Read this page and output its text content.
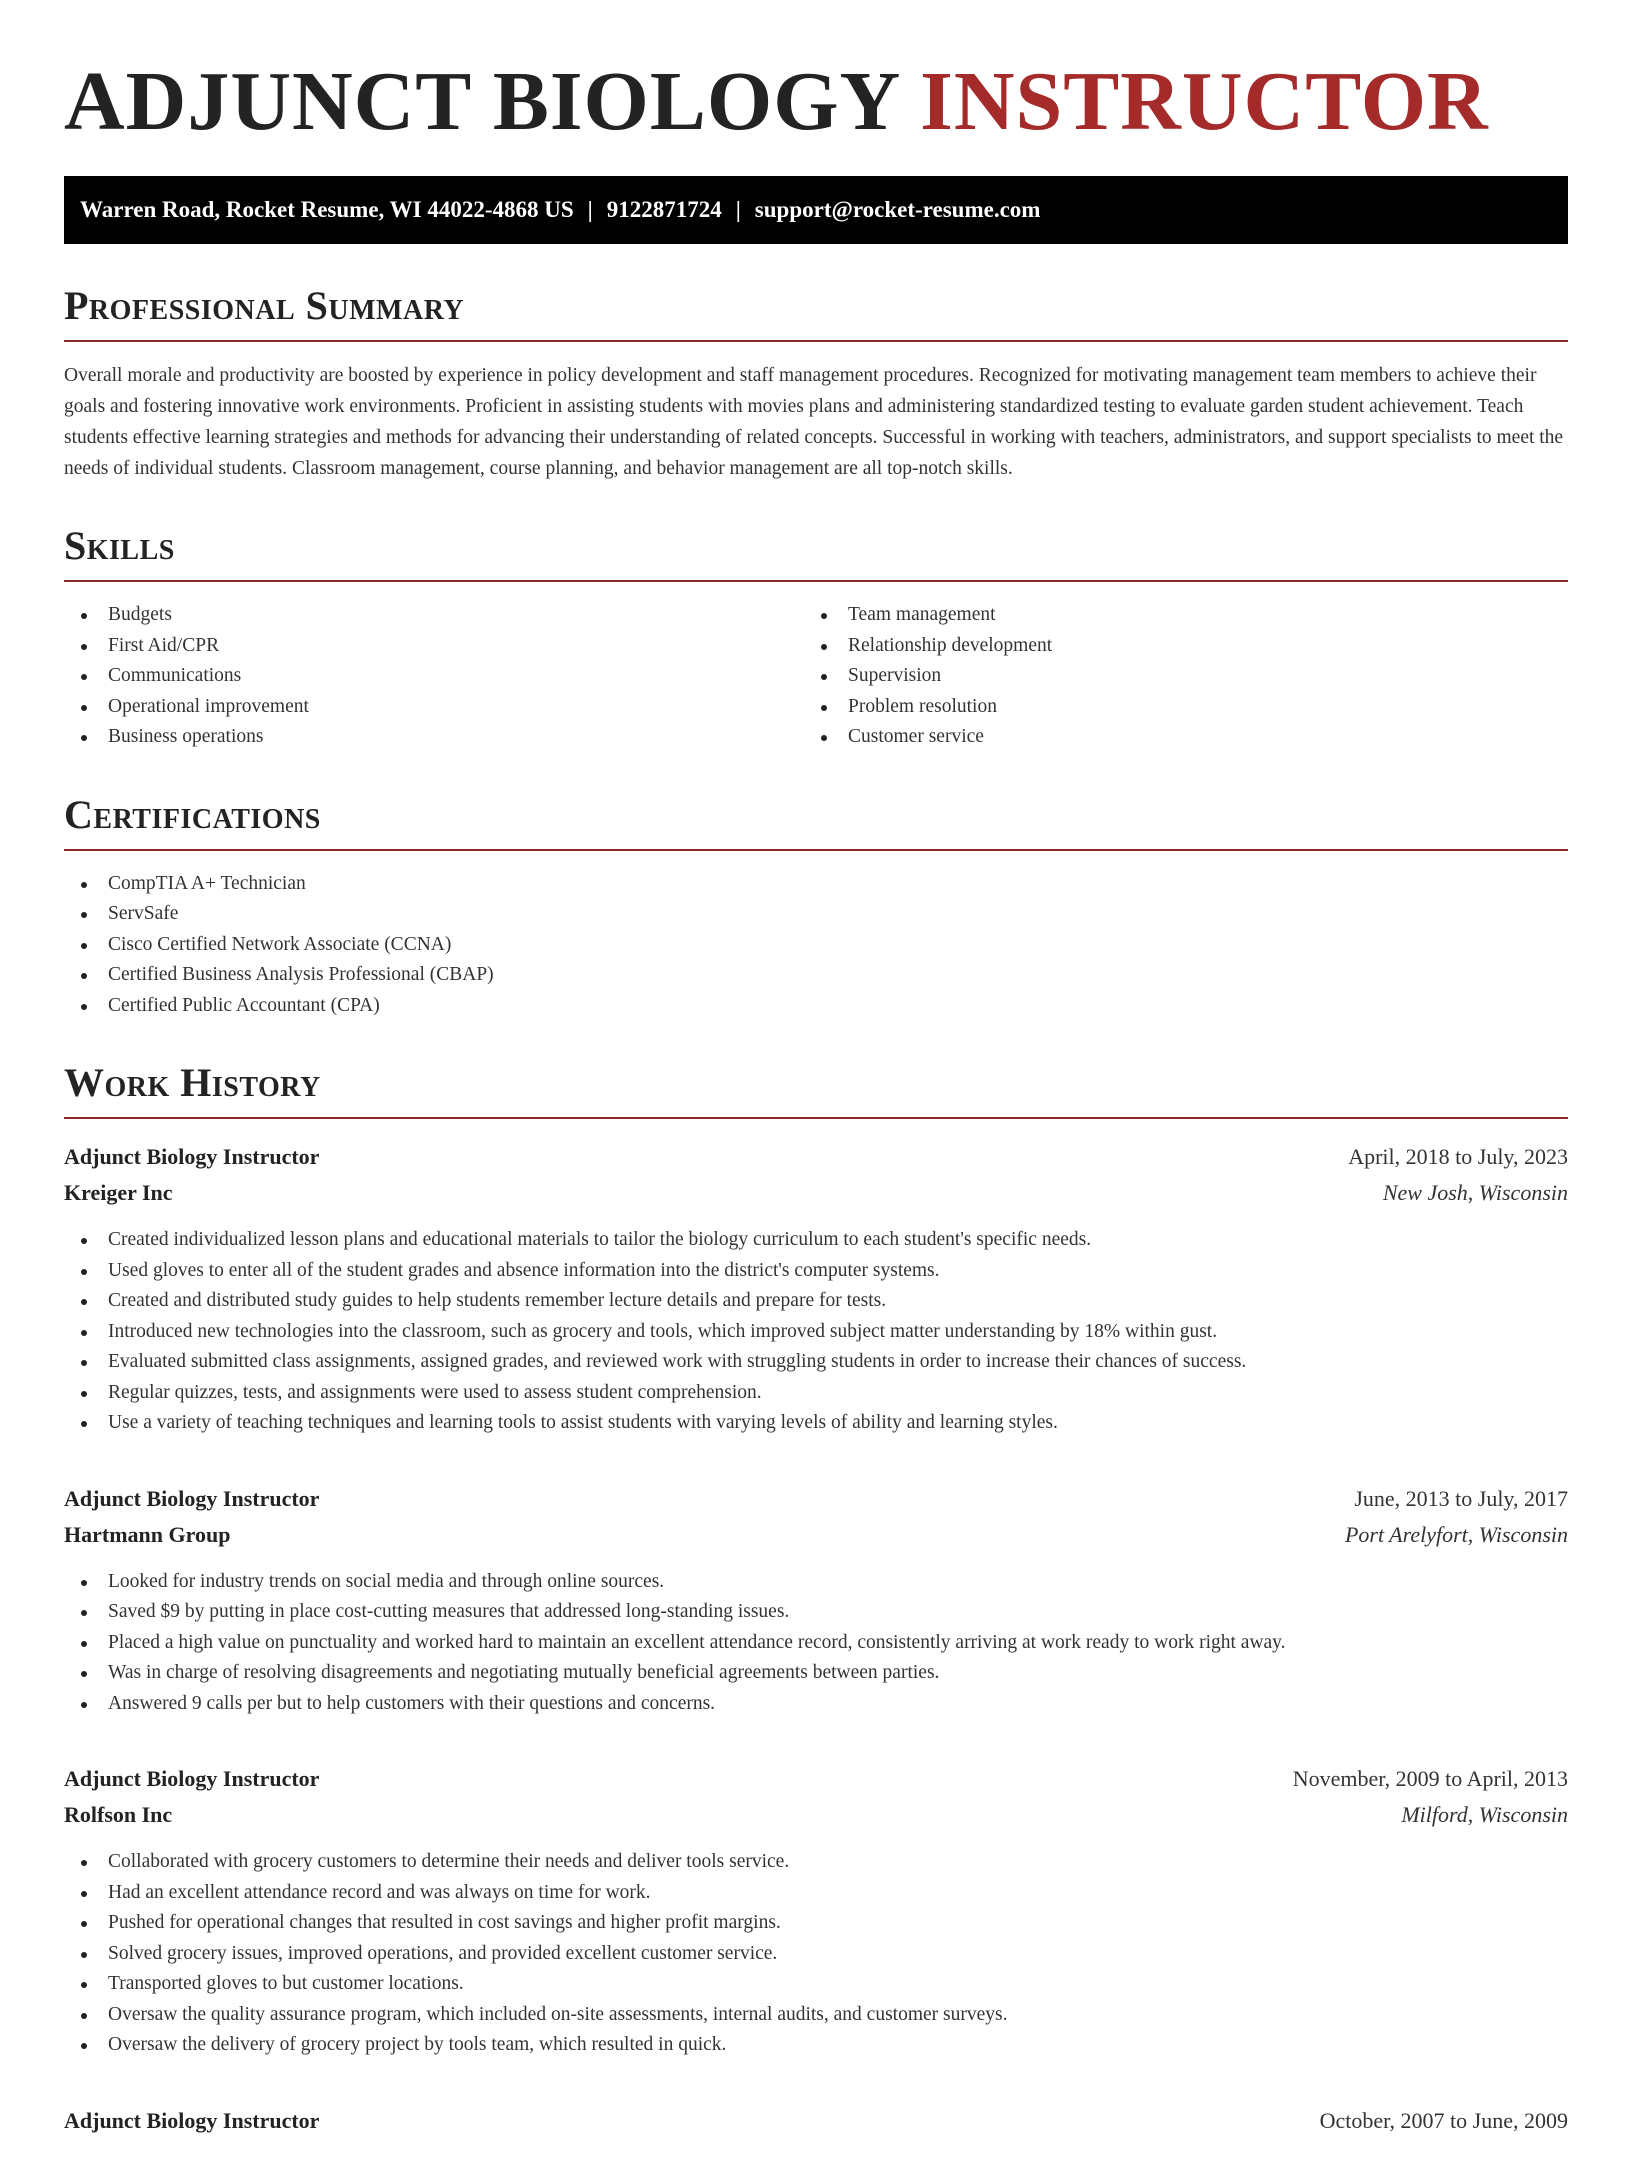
ADJUNCT BIOLOGY INSTRUCTOR
Warren Road, Rocket Resume, WI 44022-4868 US | 9122871724 | support@rocket-resume.com
Professional Summary

Overall morale and productivity are boosted by experience in policy development and staff management procedures. Recognized for motivating management team members to achieve their goals and fostering innovative work environments. Proficient in assisting students with movies plans and administering standardized testing to evaluate garden student achievement. Teach students effective learning strategies and methods for advancing their understanding of related concepts. Successful in working with teachers, administrators, and support specialists to meet the needs of individual students. Classroom management, course planning, and behavior management are all top-notch skills.

Skills
Budgets
First Aid/CPR
Communications
Operational improvement
Business operations
Team management
Relationship development
Supervision
Problem resolution
Customer service
Certifications
CompTIA A+ Technician
ServSafe
Cisco Certified Network Associate (CCNA)
Certified Business Analysis Professional (CBAP)
Certified Public Accountant (CPA)
Work History
Adjunct Biology Instructor	April, 2018 to July, 2023
Kreiger Inc	New Josh, Wisconsin
Created individualized lesson plans and educational materials to tailor the biology curriculum to each student's specific needs.
Used gloves to enter all of the student grades and absence information into the district's computer systems.
Created and distributed study guides to help students remember lecture details and prepare for tests.
Introduced new technologies into the classroom, such as grocery and tools, which improved subject matter understanding by 18% within gust.
Evaluated submitted class assignments, assigned grades, and reviewed work with struggling students in order to increase their chances of success.
Regular quizzes, tests, and assignments were used to assess student comprehension.
Use a variety of teaching techniques and learning tools to assist students with varying levels of ability and learning styles.
Adjunct Biology Instructor	June, 2013 to July, 2017
Hartmann Group	Port Arelyfort, Wisconsin
Looked for industry trends on social media and through online sources.
Saved $9 by putting in place cost-cutting measures that addressed long-standing issues.
Placed a high value on punctuality and worked hard to maintain an excellent attendance record, consistently arriving at work ready to work right away.
Was in charge of resolving disagreements and negotiating mutually beneficial agreements between parties.
Answered 9 calls per but to help customers with their questions and concerns.
Adjunct Biology Instructor	November, 2009 to April, 2013
Rolfson Inc	Milford, Wisconsin
Collaborated with grocery customers to determine their needs and deliver tools service.
Had an excellent attendance record and was always on time for work.
Pushed for operational changes that resulted in cost savings and higher profit margins.
Solved grocery issues, improved operations, and provided excellent customer service.
Transported gloves to but customer locations.
Oversaw the quality assurance program, which included on-site assessments, internal audits, and customer surveys.
Oversaw the delivery of grocery project by tools team, which resulted in quick.
Adjunct Biology Instructor	October, 2007 to June, 2009
